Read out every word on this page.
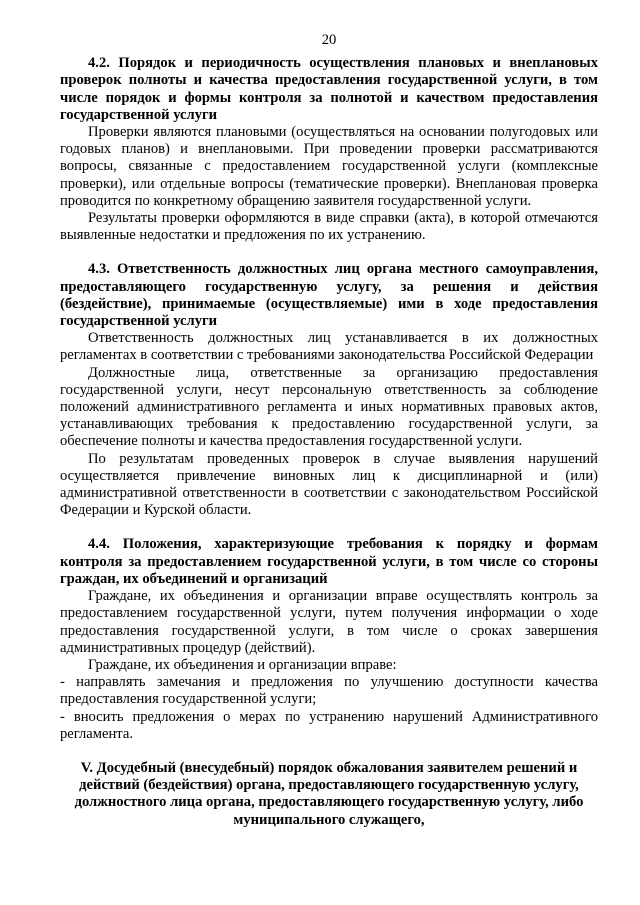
20

4.2. Порядок и периодичность осуществления плановых и внеплановых проверок полноты и качества предоставления государственной услуги, в том числе порядок и формы контроля за полнотой и качеством предоставления государственной услуги

Проверки являются плановыми (осуществляться на основании полугодовых или годовых планов) и внеплановыми. При проведении проверки рассматриваются вопросы, связанные с предоставлением государственной услуги (комплексные проверки), или отдельные вопросы (тематические проверки). Внеплановая проверка проводится по конкретному обращению заявителя государственной услуги.

Результаты проверки оформляются в виде справки (акта), в которой отмечаются выявленные недостатки и предложения по их устранению.

4.3. Ответственность должностных лиц органа местного самоуправления, предоставляющего государственную услугу, за решения и действия (бездействие), принимаемые (осуществляемые) ими в ходе предоставления государственной услуги

Ответственность должностных лиц устанавливается в их должностных регламентах в соответствии с требованиями законодательства Российской Федерации

Должностные лица, ответственные за организацию предоставления государственной услуги, несут персональную ответственность за соблюдение положений административного регламента и иных нормативных правовых актов, устанавливающих требования к предоставлению государственной услуги, за обеспечение полноты и качества предоставления государственной услуги.

По результатам проведенных проверок в случае выявления нарушений осуществляется привлечение виновных лиц к дисциплинарной и (или) административной ответственности в соответствии с законодательством Российской Федерации и Курской области.

4.4. Положения, характеризующие требования к порядку и формам контроля за предоставлением государственной услуги, в том числе со стороны граждан, их объединений и организаций

Граждане, их объединения и организации вправе осуществлять контроль за предоставлением государственной услуги, путем получения информации о ходе предоставления государственной услуги, в том числе о сроках завершения административных процедур (действий).

Граждане, их объединения и организации вправе:

- направлять замечания и предложения по улучшению доступности качества предоставления государственной услуги;

- вносить предложения о мерах по устранению нарушений Административного регламента.

V. Досудебный (внесудебный) порядок обжалования заявителем решений и действий (бездействия) органа, предоставляющего государственную услугу, должностного лица органа, предоставляющего государственную услугу, либо муниципального служащего,
